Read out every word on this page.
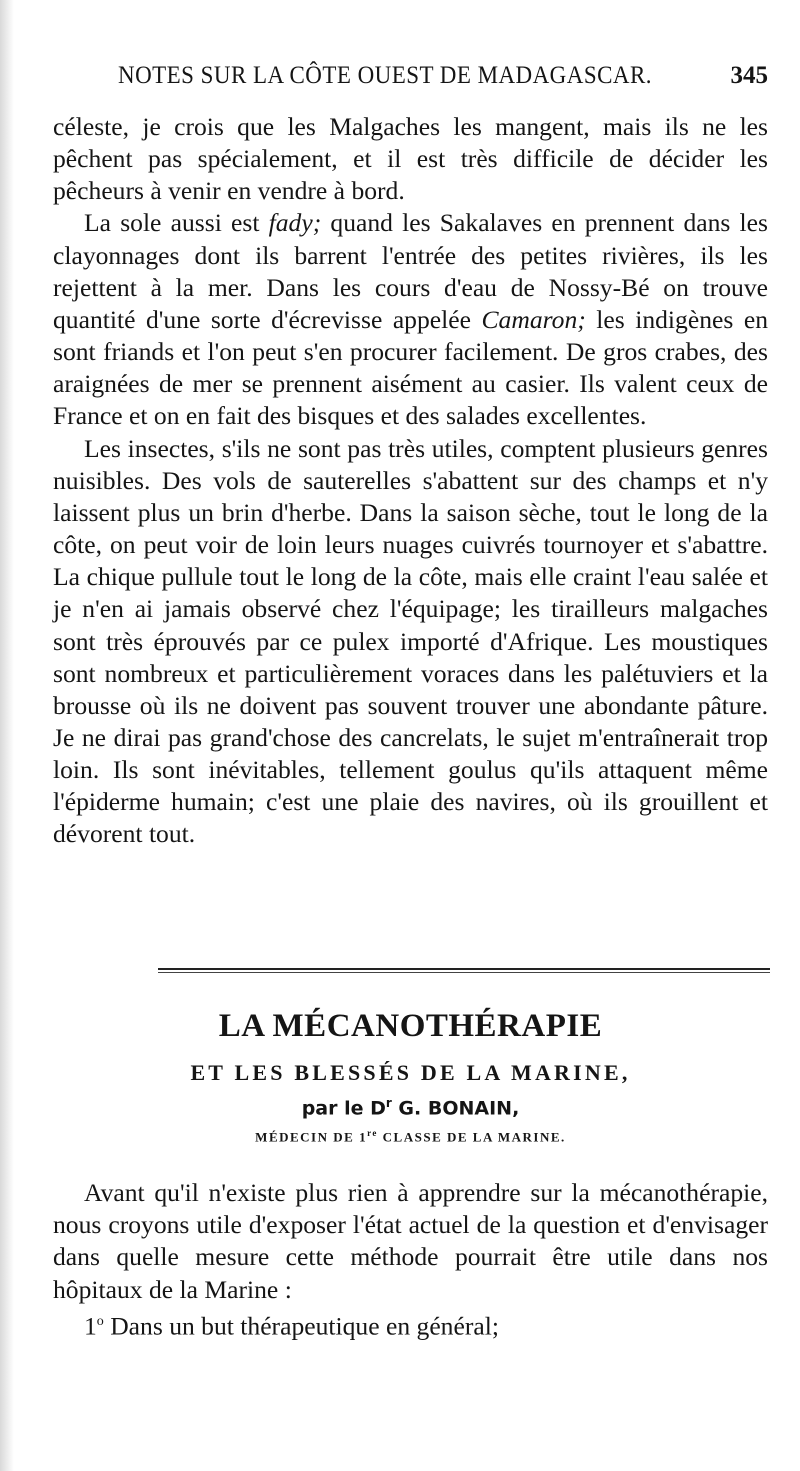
NOTES SUR LA CÔTE OUEST DE MADAGASCAR.	345

céleste, je crois que les Malgaches les mangent, mais ils ne les pêchent pas spécialement, et il est très difficile de décider les pêcheurs à venir en vendre à bord.

La sole aussi est fady; quand les Sakalaves en prennent dans les clayonnages dont ils barrent l'entrée des petites rivières, ils les rejettent à la mer. Dans les cours d'eau de Nossy-Bé on trouve quantité d'une sorte d'écrevisse appelée Camaron; les indigènes en sont friands et l'on peut s'en procurer facilement. De gros crabes, des araignées de mer se prennent aisément au casier. Ils valent ceux de France et on en fait des bisques et des salades excellentes.

Les insectes, s'ils ne sont pas très utiles, comptent plusieurs genres nuisibles. Des vols de sauterelles s'abattent sur des champs et n'y laissent plus un brin d'herbe. Dans la saison sèche, tout le long de la côte, on peut voir de loin leurs nuages cuivrés tournoyer et s'abattre. La chique pullule tout le long de la côte, mais elle craint l'eau salée et je n'en ai jamais observé chez l'équipage; les tirailleurs malgaches sont très éprouvés par ce pulex importé d'Afrique. Les moustiques sont nombreux et particulièrement voraces dans les palétuviers et la brousse où ils ne doivent pas souvent trouver une abondante pâture. Je ne dirai pas grand'chose des cancrelats, le sujet m'entraînerait trop loin. Ils sont inévitables, tellement goulus qu'ils attaquent même l'épiderme humain; c'est une plaie des navires, où ils grouillent et dévorent tout.

LA MÉCANOTHÉRAPIE
ET LES BLESSÉS DE LA MARINE,
par le $D^r$ G. BONAIN,
MÉDECIN DE 1re CLASSE DE LA MARINE.

Avant qu'il n'existe plus rien à apprendre sur la mécanothérapie, nous croyons utile d'exposer l'état actuel de la question et d'envisager dans quelle mesure cette méthode pourrait être utile dans nos hôpitaux de la Marine :

1$^o$ Dans un but thérapeutique en général;
